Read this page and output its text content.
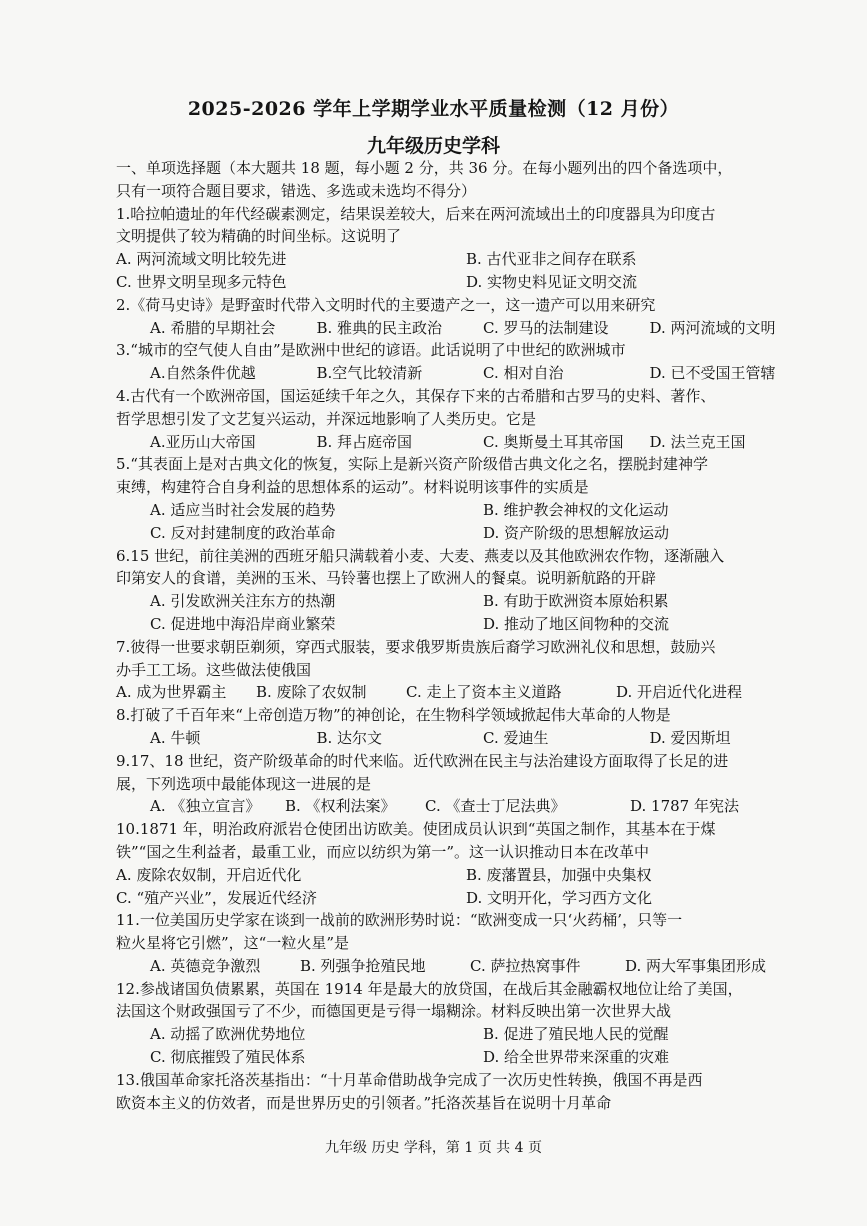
2025-2026 学年上学期学业水平质量检测（12 月份）
九年级历史学科
一、单项选择题（本大题共 18 题，每小题 2 分，共 36 分。在每小题列出的四个备选项中，
只有一项符合题目要求，错选、多选或未选均不得分）
1.哈拉帕遗址的年代经碳素测定，结果误差较大，后来在两河流域出土的印度器具为印度古
文明提供了较为精确的时间坐标。这说明了
A. 两河流域文明比较先进	B. 古代亚非之间存在联系
C. 世界文明呈现多元特色	D. 实物史料见证文明交流
2.《荷马史诗》是野蛮时代带入文明时代的主要遗产之一，这一遗产可以用来研究
A. 希腊的早期社会	B. 雅典的民主政治	C. 罗马的法制建设	D. 两河流域的文明
3.“城市的空气使人自由”是欧洲中世纪的谚语。此话说明了中世纪的欧洲城市
A.自然条件优越	B.空气比较清新	C. 相对自治	D. 已不受国王管辖
4.古代有一个欧洲帝国，国运延续千年之久，其保存下来的古希腊和古罗马的史料、著作、
哲学思想引发了文艺复兴运动，并深远地影响了人类历史。它是
A.亚历山大帝国	B. 拜占庭帝国	C. 奥斯曼土耳其帝国	D. 法兰克王国
5.“其表面上是对古典文化的恢复，实际上是新兴资产阶级借古典文化之名，摆脱封建神学
束缚，构建符合自身利益的思想体系的运动”。材料说明该事件的实质是
A. 适应当时社会发展的趋势	B. 维护教会神权的文化运动
C. 反对封建制度的政治革命	D. 资产阶级的思想解放运动
6.15 世纪，前往美洲的西班牙船只满载着小麦、大麦、燕麦以及其他欧洲农作物，逐渐融入
印第安人的食谱，美洲的玉米、马铃薯也摆上了欧洲人的餐桌。说明新航路的开辟
A. 引发欧洲关注东方的热潮	B. 有助于欧洲资本原始积累
C. 促进地中海沿岸商业繁荣	D. 推动了地区间物种的交流
7.彼得一世要求朝臣剃须，穿西式服装，要求俄罗斯贵族后裔学习欧洲礼仪和思想，鼓励兴
办手工工场。这些做法使俄国
A. 成为世界霸主	B. 废除了农奴制	C. 走上了资本主义道路	D. 开启近代化进程
8.打破了千百年来“上帝创造万物”的神创论，在生物科学领域掀起伟大革命的人物是
A. 牛顿	B. 达尔文	C. 爱迪生	D. 爱因斯坦
9.17、18 世纪，资产阶级革命的时代来临。近代欧洲在民主与法治建设方面取得了长足的进
展，下列选项中最能体现这一进展的是
A. 《独立宣言》	B. 《权利法案》	C. 《查士丁尼法典》	D. 1787 年宪法
10.1871 年，明治政府派岩仓使团出访欧美。使团成员认识到“英国之制作，其基本在于煤
铁”“国之生利益者，最重工业，而应以纺织为第一”。这一认识推动日本在改革中
A. 废除农奴制，开启近代化	B. 废藩置县，加强中央集权
C. “殖产兴业”，发展近代经济	D. 文明开化，学习西方文化
11.一位美国历史学家在谈到一战前的欧洲形势时说：“欧洲变成一只‘火药桶’，只等一
粒火星将它引燃”，这“一粒火星”是
A. 英德竞争激烈	B. 列强争抢殖民地	C. 萨拉热窝事件	D. 两大军事集团形成
12.参战诸国负债累累，英国在 1914 年是最大的放贷国，在战后其金融霸权地位让给了美国，
法国这个财政强国亏了不少，而德国更是亏得一塌糊涂。材料反映出第一次世界大战
A. 动摇了欧洲优势地位	B. 促进了殖民地人民的觉醒
C. 彻底摧毁了殖民体系	D. 给全世界带来深重的灾难
13.俄国革命家托洛茨基指出：“十月革命借助战争完成了一次历史性转换，俄国不再是西
欧资本主义的仿效者，而是世界历史的引领者。”托洛茨基旨在说明十月革命
九年级 历史 学科，第 1 页 共 4 页
